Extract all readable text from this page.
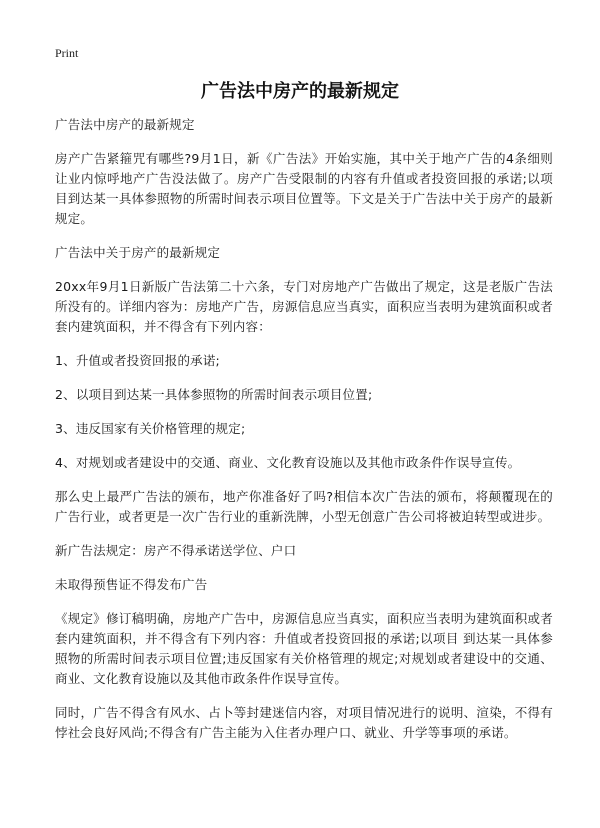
Print
广告法中房产的最新规定

广告法中房产的最新规定

房产广告紧箍咒有哪些?9月1日，新《广告法》开始实施，其中关于地产广告的4条细则让业内惊呼地产广告没法做了。房产广告受限制的内容有升值或者投资回报的承诺;以项目到达某一具体参照物的所需时间表示项目位置等。下文是关于广告法中关于房产的最新规定。

广告法中关于房产的最新规定

20xx年9月1日新版广告法第二十六条，专门对房地产广告做出了规定，这是老版广告法所没有的。详细内容为：房地产广告，房源信息应当真实，面积应当表明为建筑面积或者套内建筑面积，并不得含有下列内容：

1、升值或者投资回报的承诺;

2、以项目到达某一具体参照物的所需时间表示项目位置;

3、违反国家有关价格管理的规定;

4、对规划或者建设中的交通、商业、文化教育设施以及其他市政条件作误导宣传。

那么史上最严广告法的颁布，地产你准备好了吗?相信本次广告法的颁布，将颠覆现在的广告行业，或者更是一次广告行业的重新洗牌，小型无创意广告公司将被迫转型或进步。

新广告法规定：房产不得承诺送学位、户口

未取得预售证不得发布广告

《规定》修订稿明确，房地产广告中，房源信息应当真实，面积应当表明为建筑面积或者套内建筑面积，并不得含有下列内容：升值或者投资回报的承诺;以项目 到达某一具体参照物的所需时间表示项目位置;违反国家有关价格管理的规定;对规划或者建设中的交通、商业、文化教育设施以及其他市政条件作误导宣传。

同时，广告不得含有风水、占卜等封建迷信内容，对项目情况进行的说明、渲染，不得有悖社会良好风尚;不得含有广告主能为入住者办理户口、就业、升学等事项的承诺。
